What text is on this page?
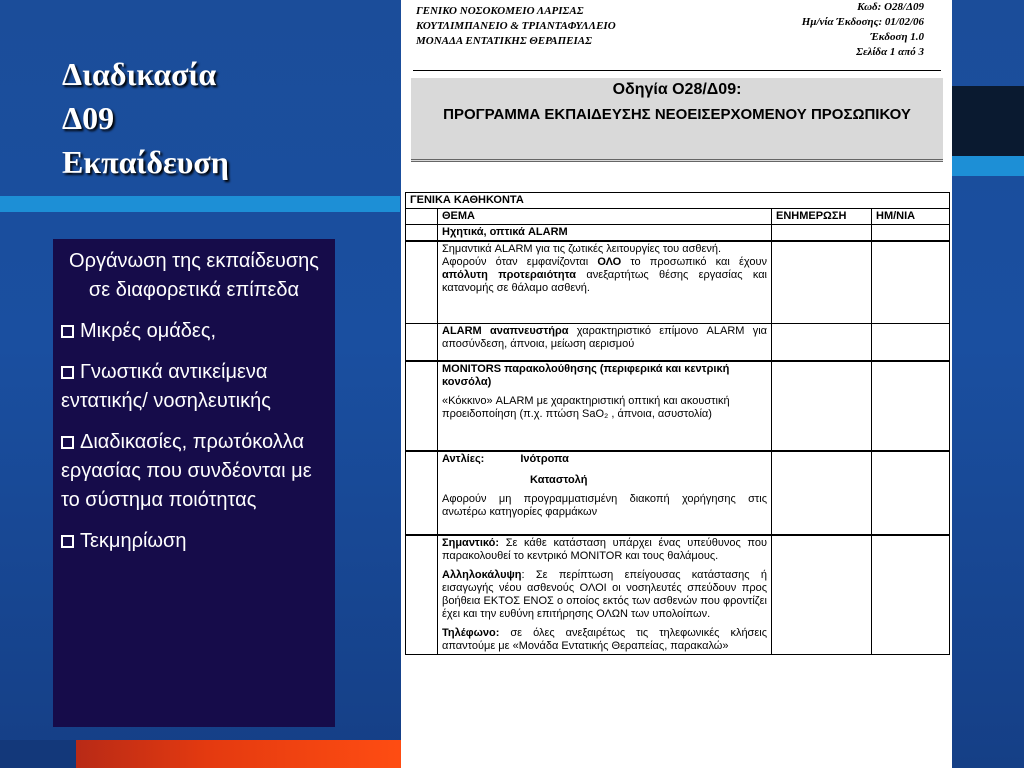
Διαδικασία
Δ09
Εκπαίδευση
Οργάνωση της εκπαίδευσης σε διαφορετικά επίπεδα
Μικρές ομάδες,
Γνωστικά αντικείμενα εντατικής/ νοσηλευτικής
Διαδικασίες, πρωτόκολλα εργασίας που συνδέονται με το σύστημα ποιότητας
Τεκμηρίωση
ΓΕΝΙΚΟ ΝΟΣΟΚΟΜΕΙΟ ΛΑΡΙΣΑΣ
ΚΟΥΤΛΙΜΠΑΝΕΙΟ & ΤΡΙΑΝΤΑΦΥΛΛΕΙΟ
ΜΟΝΑΔΑ ΕΝΤΑΤΙΚΗΣ ΘΕΡΑΠΕΙΑΣ
Κωδ: Ο28/Δ09
Ημ/νία Έκδοσης: 01/02/06
Έκδοση 1.0
Σελίδα 1 από 3
Οδηγία Ο28/Δ09:
ΠΡΟΓΡΑΜΜΑ ΕΚΠΑΙΔΕΥΣΗΣ ΝΕΟΕΙΣΕΡΧΟΜΕΝΟΥ ΠΡΟΣΩΠΙΚΟΥ
ΓΕΝΙΚΑ ΚΑΘΗΚΟΝΤΑ			
	ΘΕΜΑ	ΕΝΗΜΕΡΩΣΗ	ΗΜ/ΝΙΑ
	Ηχητικά, οπτικά ALARM		

	Σημαντικά ALARM για τις ζωτικές λειτουργίες του ασθενή.
Αφορούν όταν εμφανίζονται ΟΛΟ το προσωπικό και έχουν απόλυτη προτεραιότητα ανεξαρτήτως θέσης εργασίας και κατανομής σε θάλαμο ασθενή.		

	ALARM αναπνευστήρα χαρακτηριστικό επίμονο ALARM για αποσύνδεση, άπνοια, μείωση αερισμού		

	MONITORS παρακολούθησης (περιφερικά και κεντρική κονσόλα)
«Κόκκινο» ALARM με χαρακτηριστική οπτική και ακουστική προειδοποίηση (π.χ. πτώση SaO₂ , άπνοια, ασυστολία)		

	Αντλίες: Ινότροπα
Καταστολή
Αφορούν μη προγραμματισμένη διακοπή χορήγησης στις ανωτέρω κατηγορίες φαρμάκων		

	Σημαντικό: Σε κάθε κατάσταση υπάρχει ένας υπεύθυνος που παρακολουθεί το κεντρικό MONITOR και τους θαλάμους.
Αλληλοκάλυψη: Σε περίπτωση επείγουσας κατάστασης ή εισαγωγής νέου ασθενούς ΟΛΟΙ οι νοσηλευτές σπεύδουν προς βοήθεια ΕΚΤΟΣ ΕΝΟΣ ο οποίος εκτός των ασθενών που φροντίζει έχει και την ευθύνη επιτήρησης ΟΛΩΝ των υπολοίπων.
Τηλέφωνο: σε όλες ανεξαιρέτως τις τηλεφωνικές κλήσεις απαντούμε με «Μονάδα Εντατικής Θεραπείας, παρακαλώ»		
